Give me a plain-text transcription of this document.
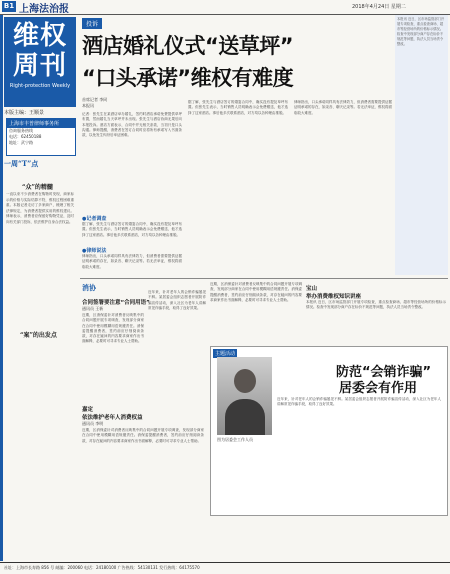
B1 上海法治报	2018年4月24日 星期二
维权周刊
Right-protection Weekly
本版主编：王顺景
上海市丰普律师事务所
咨询服务热线
电话：62450188
地址：武宁路
一周“T”点
“众”的精髓
一直以来不少消费者在购物时发现，商家标示的价格与实际结算不符，维权过程困难重重。本版记者走访了多家商户，梳理了相关法律规定，为消费者提供实用的维权建议。律师表示，消费者应保留好购物凭证，及时向有关部门投诉，依法维护自身合法权益。
“案”的出发点
投诉
酒店婚礼仪式“送草坪”
“口头承诺”维权有难度
首席记者 李同
本报讯
记者：张先生在某酒店举办婚礼，签约时酒店承诺免费提供草坪布置，然而婚礼当天草坪并未出现。张先生与酒店协商无果后向本报投诉。酒店方面表示，合同中并无相关条款，当初只是口头沟通。律师提醒，消费者在签订合同时应将所有承诺写入书面条款，以免发生纠纷后举证困难。
●记者调查
据了解，张先生与酒店签订的婚宴合同中，确实没有提及草坪布置。但张先生表示，当时销售人员明确表示会免费赠送，他才选择了这家酒店。事后他多次联系酒店，对方均以各种理由推脱。
●律师说法
律师指出，口头承诺同样具有法律效力，但消费者需要提供证据证明承诺的存在，如录音、聊天记录等。若无法举证，维权将面临较大难度。
据了解，张先生与酒店签订的婚宴合同中，确实没有提及草坪布置。但张先生表示，当时销售人员明确表示会免费赠送，他才选择了这家酒店。事后他多次联系酒店，对方均以各种理由推脱。
律师指出，口头承诺同样具有法律效力，但消费者需要提供证据证明承诺的存在，如录音、聊天记录等。若无法举证，维权将面临较大难度。
本报讯 近日，区市场监管部门开展专项检查，重点检查商场、超市等经营场所的价格标示情况。检查中发现部分商户存在标价不规范等问题，执法人员当场责令整改。
消协
合同签署要注意“合同用语”
通讯员 王新
近期，区消保委针对消费者反映集中的合同问题开展专项调查，发现部分商家在合同中使用模糊用语规避责任。消保委提醒消费者，签约前应仔细阅读条款，对存在疑问的内容要求商家作出书面解释，必要时可寻求专业人士帮助。
嘉定
依法维护老年人消费权益
通讯员 李明
近期，区消保委针对消费者反映集中的合同问题开展专项调查，发现部分商家在合同中使用模糊用语规避责任。消保委提醒消费者，签约前应仔细阅读条款，对存在疑问的内容要求商家作出书面解释，必要时可寻求专业人士帮助。
近年来，针对老年人的会销诈骗屡见不鲜。某居委会组织志愿者开展防诈骗宣传活动，深入社区为老年人讲解常见诈骗手段，取得了良好效果。
近期，区消保委针对消费者反映集中的合同问题开展专项调查，发现部分商家在合同中使用模糊用语规避责任。消保委提醒消费者，签约前应仔细阅读条款，对存在疑问的内容要求商家作出书面解释，必要时可寻求专业人士帮助。
宝山
举办消费维权知识讲座
本报讯 近日，区市场监管部门开展专项检查，重点检查商场、超市等经营场所的价格标示情况。检查中发现部分商户存在标价不规范等问题，执法人员当场责令整改。
主题活动
图为居委会工作人员
防范“会销诈骗”
居委会有作用
近年来，针对老年人的会销诈骗屡见不鲜。某居委会组织志愿者开展防诈骗宣传活动，深入社区为老年人讲解常见诈骗手段，取得了良好效果。
社址：上海市长寿路 856 号 邮编：200060 电话：24180100 广告热线：54130131 发行热线：64175570
